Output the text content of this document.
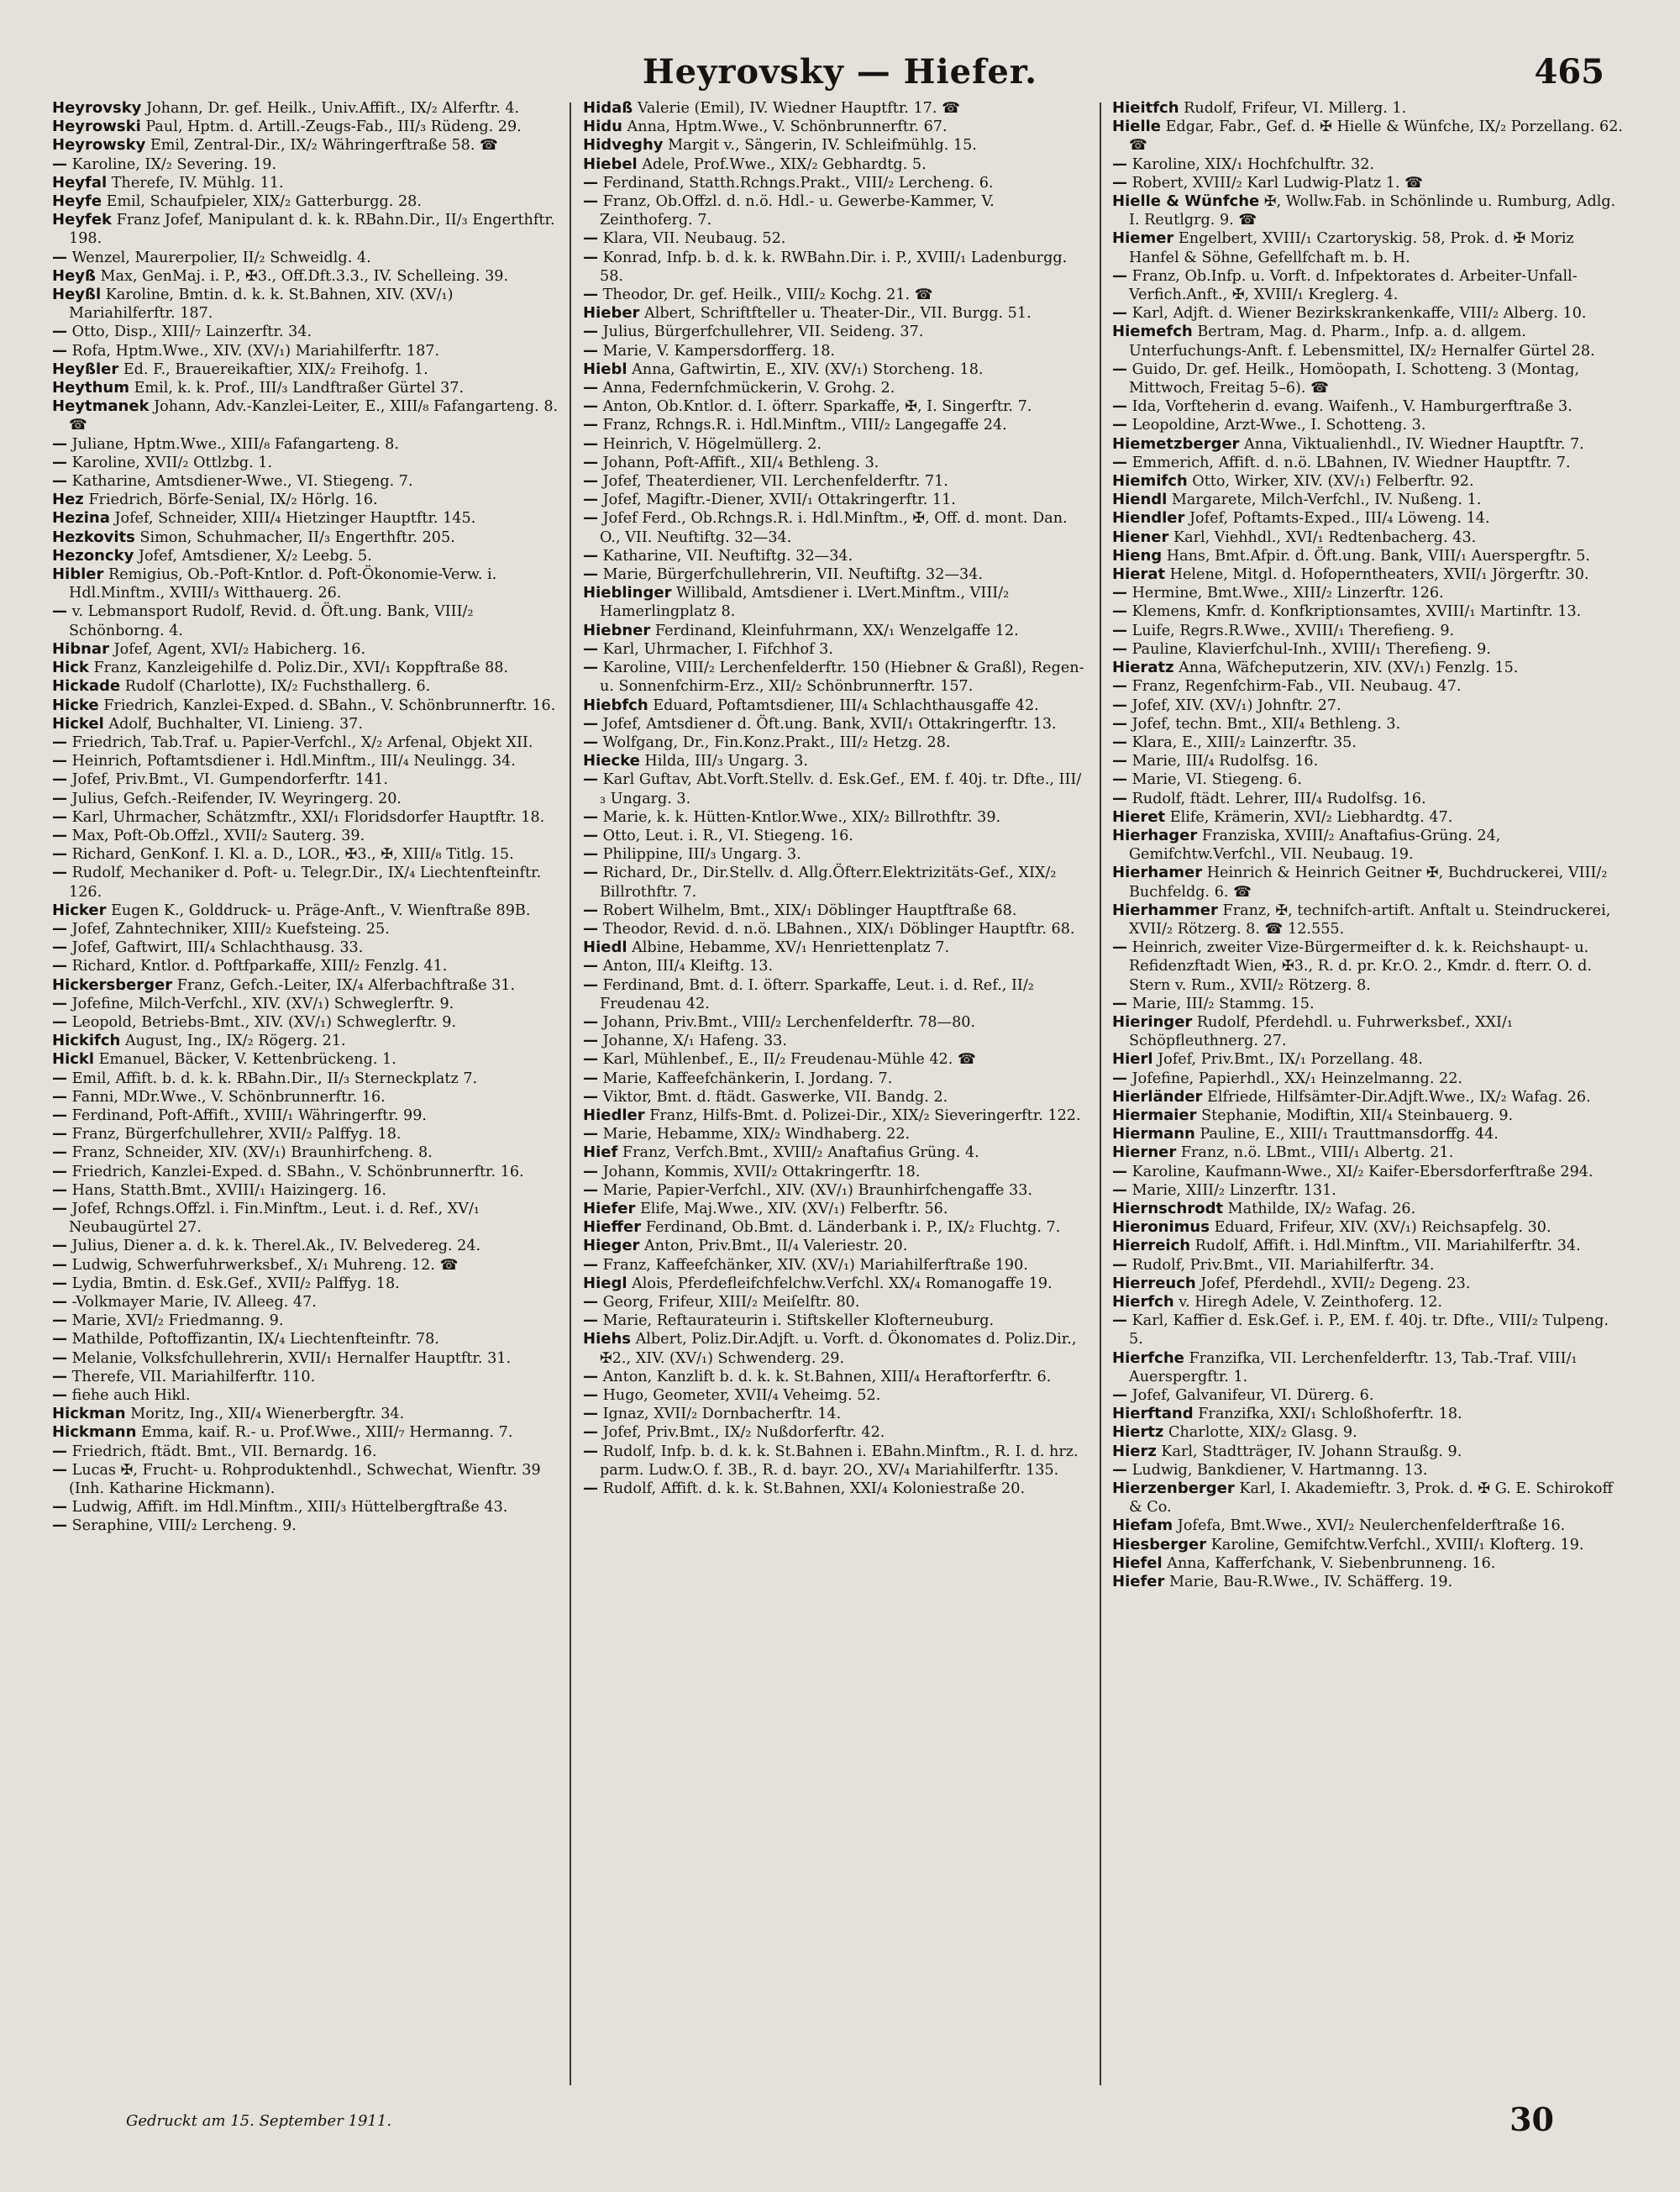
Heyrovsky — Hiefer.	465

Heyrovsky Johann, Dr. gef. Heilk., Univ.Affift., IX/₂ Alferftr. 4.

Heyrowski Paul, Hptm. d. Artill.-Zeugs-Fab., III/₃ Rüdeng. 29.

Heyrowsky Emil, Zentral-Dir., IX/₂ Währingerftraße 58. ☎

— Karoline, IX/₂ Severing. 19.

Heyfal Therefe, IV. Mühlg. 11.

Heyfe Emil, Schaufpieler, XIX/₂ Gatterburgg. 28.

Heyfek Franz Jofef, Manipulant d. k. k. RBahn.Dir., II/₃ Engerthftr. 198.

— Wenzel, Maurerpolier, II/₂ Schweidlg. 4.

Heyß Max, GenMaj. i. P., ✠3., Off.Dft.3.3., IV. Schelleing. 39.

Heyßl Karoline, Bmtin. d. k. k. St.Bahnen, XIV. (XV/₁) Mariahilferftr. 187.

— Otto, Disp., XIII/₇ Lainzerftr. 34.

— Rofa, Hptm.Wwe., XIV. (XV/₁) Mariahilferftr. 187.

Heyßler Ed. F., Brauereikaftier, XIX/₂ Freihofg. 1.

Heythum Emil, k. k. Prof., III/₃ Landftraßer Gürtel 37.

Heytmanek Johann, Adv.-Kanzlei-Leiter, E., XIII/₈ Fafangarteng. 8. ☎

— Juliane, Hptm.Wwe., XIII/₈ Fafangarteng. 8.

— Karoline, XVII/₂ Ottlzbg. 1.

— Katharine, Amtsdiener-Wwe., VI. Stiegeng. 7.

Hez Friedrich, Börfe-Senial, IX/₂ Hörlg. 16.

Hezina Jofef, Schneider, XIII/₄ Hietzinger Hauptftr. 145.

Hezkovits Simon, Schuhmacher, II/₃ Engerthftr. 205.

Hezoncky Jofef, Amtsdiener, X/₂ Leebg. 5.

Hibler Remigius, Ob.-Poft-Kntlor. d. Poft-Ökonomie-Verw. i. Hdl.Minftm., XVIII/₃ Witthauerg. 26.

— v. Lebmansport Rudolf, Revid. d. Öft.ung. Bank, VIII/₂ Schönborng. 4.

Hibnar Jofef, Agent, XVI/₂ Habicherg. 16.

Hick Franz, Kanzleigehilfe d. Poliz.Dir., XVI/₁ Koppftraße 88.

Hickade Rudolf (Charlotte), IX/₂ Fuchsthallerg. 6.

Hicke Friedrich, Kanzlei-Exped. d. SBahn., V. Schönbrunnerftr. 16.

Hickel Adolf, Buchhalter, VI. Linieng. 37.

— Friedrich, Tab.Traf. u. Papier-Verfchl., X/₂ Arfenal, Objekt XII.

— Heinrich, Poftamtsdiener i. Hdl.Minftm., III/₄ Neulingg. 34.

— Jofef, Priv.Bmt., VI. Gumpendorferftr. 141.

— Julius, Gefch.-Reifender, IV. Weyringerg. 20.

— Karl, Uhrmacher, Schätzmftr., XXI/₁ Floridsdorfer Hauptftr. 18.

— Max, Poft-Ob.Offzl., XVII/₂ Sauterg. 39.

— Richard, GenKonf. I. Kl. a. D., LOR., ✠3., ✠, XIII/₈ Titlg. 15.

— Rudolf, Mechaniker d. Poft- u. Telegr.Dir., IX/₄ Liechtenfteinftr. 126.

Hicker Eugen K., Golddruck- u. Präge-Anft., V. Wienftraße 89B.

— Jofef, Zahntechniker, XIII/₂ Kuefsteing. 25.

— Jofef, Gaftwirt, III/₄ Schlachthausg. 33.

— Richard, Kntlor. d. Poftfparkaffe, XIII/₂ Fenzlg. 41.

Hickersberger Franz, Gefch.-Leiter, IX/₄ Alferbachftraße 31.

— Jofefine, Milch-Verfchl., XIV. (XV/₁) Schweglerftr. 9.

— Leopold, Betriebs-Bmt., XIV. (XV/₁) Schweglerftr. 9.

Hickifch August, Ing., IX/₂ Rögerg. 21.

Hickl Emanuel, Bäcker, V. Kettenbrückeng. 1.

— Emil, Affift. b. d. k. k. RBahn.Dir., II/₃ Sterneckplatz 7.

— Fanni, MDr.Wwe., V. Schönbrunnerftr. 16.

— Ferdinand, Poft-Affift., XVIII/₁ Währingerftr. 99.

— Franz, Bürgerfchullehrer, XVII/₂ Palffyg. 18.

— Franz, Schneider, XIV. (XV/₁) Braunhirfcheng. 8.

— Friedrich, Kanzlei-Exped. d. SBahn., V. Schönbrunnerftr. 16.

— Hans, Statth.Bmt., XVIII/₁ Haizingerg. 16.

— Jofef, Rchngs.Offzl. i. Fin.Minftm., Leut. i. d. Ref., XV/₁ Neubaugürtel 27.

— Julius, Diener a. d. k. k. Therel.Ak., IV. Belvedereg. 24.

— Ludwig, Schwerfuhrwerksbef., X/₁ Muhreng. 12. ☎

— Lydia, Bmtin. d. Esk.Gef., XVII/₂ Palffyg. 18.

— -Volkmayer Marie, IV. Alleeg. 47.

— Marie, XVI/₂ Friedmanng. 9.

— Mathilde, Poftoffizantin, IX/₄ Liechtenfteinftr. 78.

— Melanie, Volksfchullehrerin, XVII/₁ Hernalfer Hauptftr. 31.

— Therefe, VII. Mariahilferftr. 110.

— fiehe auch Hikl.

Hickman Moritz, Ing., XII/₄ Wienerbergftr. 34.

Hickmann Emma, kaif. R.- u. Prof.Wwe., XIII/₇ Hermanng. 7.

— Friedrich, ftädt. Bmt., VII. Bernardg. 16.

— Lucas ✠, Frucht- u. Rohproduktenhdl., Schwechat, Wienftr. 39 (Inh. Katharine Hickmann).

— Ludwig, Affift. im Hdl.Minftm., XIII/₃ Hüttelbergftraße 43.

— Seraphine, VIII/₂ Lercheng. 9.

Hidaß Valerie (Emil), IV. Wiedner Hauptftr. 17. ☎

Hidu Anna, Hptm.Wwe., V. Schönbrunnerftr. 67.

Hidveghy Margit v., Sängerin, IV. Schleifmühlg. 15.

Hiebel Adele, Prof.Wwe., XIX/₂ Gebhardtg. 5.

— Ferdinand, Statth.Rchngs.Prakt., VIII/₂ Lercheng. 6.

— Franz, Ob.Offzl. d. n.ö. Hdl.- u. Gewerbe-Kammer, V. Zeinthoferg. 7.

— Klara, VII. Neubaug. 52.

— Konrad, Infp. b. d. k. k. RWBahn.Dir. i. P., XVIII/₁ Ladenburgg. 58.

— Theodor, Dr. gef. Heilk., VIII/₂ Kochg. 21. ☎

Hieber Albert, Schriftfteller u. Theater-Dir., VII. Burgg. 51.

— Julius, Bürgerfchullehrer, VII. Seideng. 37.

— Marie, V. Kampersdorfferg. 18.

Hiebl Anna, Gaftwirtin, E., XIV. (XV/₁) Storcheng. 18.

— Anna, Federnfchmückerin, V. Grohg. 2.

— Anton, Ob.Kntlor. d. I. öfterr. Sparkaffe, ✠, I. Singerftr. 7.

— Franz, Rchngs.R. i. Hdl.Minftm., VIII/₂ Langegaffe 24.

— Heinrich, V. Högelmüllerg. 2.

— Johann, Poft-Affift., XII/₄ Bethleng. 3.

— Jofef, Theaterdiener, VII. Lerchenfelderftr. 71.

— Jofef, Magiftr.-Diener, XVII/₁ Ottakringerftr. 11.

— Jofef Ferd., Ob.Rchngs.R. i. Hdl.Minftm., ✠, Off. d. mont. Dan. O., VII. Neuftiftg. 32—34.

— Katharine, VII. Neuftiftg. 32—34.

— Marie, Bürgerfchullehrerin, VII. Neuftiftg. 32—34.

Hieblinger Willibald, Amtsdiener i. LVert.Minftm., VIII/₂ Hamerlingplatz 8.

Hiebner Ferdinand, Kleinfuhrmann, XX/₁ Wenzelgaffe 12.

— Karl, Uhrmacher, I. Fifchhof 3.

— Karoline, VIII/₂ Lerchenfelderftr. 150 (Hiebner & Graßl), Regen- u. Sonnenfchirm-Erz., XII/₂ Schönbrunnerftr. 157.

Hiebfch Eduard, Poftamtsdiener, III/₄ Schlachthausgaffe 42.

— Jofef, Amtsdiener d. Öft.ung. Bank, XVII/₁ Ottakringerftr. 13.

— Wolfgang, Dr., Fin.Konz.Prakt., III/₂ Hetzg. 28.

Hiecke Hilda, III/₃ Ungarg. 3.

— Karl Guftav, Abt.Vorft.Stellv. d. Esk.Gef., EM. f. 40j. tr. Dfte., III/₃ Ungarg. 3.

— Marie, k. k. Hütten-Kntlor.Wwe., XIX/₂ Billrothftr. 39.

— Otto, Leut. i. R., VI. Stiegeng. 16.

— Philippine, III/₃ Ungarg. 3.

— Richard, Dr., Dir.Stellv. d. Allg.Öfterr.Elektrizitäts-Gef., XIX/₂ Billrothftr. 7.

— Robert Wilhelm, Bmt., XIX/₁ Döblinger Hauptftraße 68.

— Theodor, Revid. d. n.ö. LBahnen., XIX/₁ Döblinger Hauptftr. 68.

Hiedl Albine, Hebamme, XV/₁ Henriettenplatz 7.

— Anton, III/₄ Kleiftg. 13.

— Ferdinand, Bmt. d. I. öfterr. Sparkaffe, Leut. i. d. Ref., II/₂ Freudenau 42.

— Johann, Priv.Bmt., VIII/₂ Lerchenfelderftr. 78—80.

— Johanne, X/₁ Hafeng. 33.

— Karl, Mühlenbef., E., II/₂ Freudenau-Mühle 42. ☎

— Marie, Kaffeefchänkerin, I. Jordang. 7.

— Viktor, Bmt. d. ftädt. Gaswerke, VII. Bandg. 2.

Hiedler Franz, Hilfs-Bmt. d. Polizei-Dir., XIX/₂ Sieveringerftr. 122.

— Marie, Hebamme, XIX/₂ Windhaberg. 22.

Hief Franz, Verfch.Bmt., XVIII/₂ Anaftafius Grüng. 4.

— Johann, Kommis, XVII/₂ Ottakringerftr. 18.

— Marie, Papier-Verfchl., XIV. (XV/₁) Braunhirfchengaffe 33.

Hiefer Elife, Maj.Wwe., XIV. (XV/₁) Felberftr. 56.

Hieffer Ferdinand, Ob.Bmt. d. Länderbank i. P., IX/₂ Fluchtg. 7.

Hieger Anton, Priv.Bmt., II/₄ Valeriestr. 20.

— Franz, Kaffeefchänker, XIV. (XV/₁) Mariahilferftraße 190.

Hiegl Alois, Pferdefleifchfelchw.Verfchl. XX/₄ Romanogaffe 19.

— Georg, Frifeur, XIII/₂ Meiſelftr. 80.

— Marie, Reftaurateurin i. Stiftskeller Klofterneuburg.

Hiehs Albert, Poliz.Dir.Adjft. u. Vorft. d. Ökonomates d. Poliz.Dir., ✠2., XIV. (XV/₁) Schwenderg. 29.

— Anton, Kanzlift b. d. k. k. St.Bahnen, XIII/₄ Heraftorferftr. 6.

— Hugo, Geometer, XVII/₄ Veheimg. 52.

— Ignaz, XVII/₂ Dornbacherftr. 14.

— Jofef, Priv.Bmt., IX/₂ Nußdorferftr. 42.

— Rudolf, Infp. b. d. k. k. St.Bahnen i. EBahn.Minftm., R. I. d. hrz. parm. Ludw.O. f. 3B., R. d. bayr. 2O., XV/₄ Mariahilferftr. 135.

— Rudolf, Affift. d. k. k. St.Bahnen, XXI/₄ Koloniestraße 20.

Hieitfch Rudolf, Frifeur, VI. Millerg. 1.

Hielle Edgar, Fabr., Gef. d. ✠ Hielle & Wünfche, IX/₂ Porzellang. 62. ☎

— Karoline, XIX/₁ Hochfchulftr. 32.

— Robert, XVIII/₂ Karl Ludwig-Platz 1. ☎

Hielle & Wünfche ✠, Wollw.Fab. in Schönlinde u. Rumburg, Adlg. I. Reutlgrg. 9. ☎

Hiemer Engelbert, XVIII/₁ Czartoryskig. 58, Prok. d. ✠ Moriz Hanfel & Söhne, Gefellfchaft m. b. H.

— Franz, Ob.Infp. u. Vorft. d. Infpektorates d. Arbeiter-Unfall-Verfich.Anft., ✠, XVIII/₁ Kreglerg. 4.

— Karl, Adjft. d. Wiener Bezirkskrankenkaffe, VIII/₂ Alberg. 10.

Hiemefch Bertram, Mag. d. Pharm., Infp. a. d. allgem. Unterfuchungs-Anft. f. Lebensmittel, IX/₂ Hernalfer Gürtel 28.

— Guido, Dr. gef. Heilk., Homöopath, I. Schotteng. 3 (Montag, Mittwoch, Freitag 5–6). ☎

— Ida, Vorfteherin d. evang. Waifenh., V. Hamburgerftraße 3.

— Leopoldine, Arzt-Wwe., I. Schotteng. 3.

Hiemetzberger Anna, Viktualienhdl., IV. Wiedner Hauptftr. 7.

— Emmerich, Affift. d. n.ö. LBahnen, IV. Wiedner Hauptftr. 7.

Hiemifch Otto, Wirker, XIV. (XV/₁) Felberftr. 92.

Hiendl Margarete, Milch-Verfchl., IV. Nußeng. 1.

Hiendler Jofef, Poftamts-Exped., III/₄ Löweng. 14.

Hiener Karl, Viehhdl., XVI/₁ Redtenbacherg. 43.

Hieng Hans, Bmt.Afpir. d. Öft.ung. Bank, VIII/₁ Auerspergftr. 5.

Hierat Helene, Mitgl. d. Hofoperntheaters, XVII/₁ Jörgerftr. 30.

— Hermine, Bmt.Wwe., XIII/₂ Linzerftr. 126.

— Klemens, Kmfr. d. Konfkriptionsamtes, XVIII/₁ Martinftr. 13.

— Luife, Regrs.R.Wwe., XVIII/₁ Therefieng. 9.

— Pauline, Klavierfchul-Inh., XVIII/₁ Therefieng. 9.

Hieratz Anna, Wäfcheputzerin, XIV. (XV/₁) Fenzlg. 15.

— Franz, Regenfchirm-Fab., VII. Neubaug. 47.

— Jofef, XIV. (XV/₁) Johnftr. 27.

— Jofef, techn. Bmt., XII/₄ Bethleng. 3.

— Klara, E., XIII/₂ Lainzerftr. 35.

— Marie, III/₄ Rudolfsg. 16.

— Marie, VI. Stiegeng. 6.

— Rudolf, ftädt. Lehrer, III/₄ Rudolfsg. 16.

Hieret Elife, Krämerin, XVI/₂ Liebhardtg. 47.

Hierhager Franziska, XVIII/₂ Anaftafius-Grüng. 24, Gemifchtw.Verfchl., VII. Neubaug. 19.

Hierhamer Heinrich & Heinrich Geitner ✠, Buchdruckerei, VIII/₂ Buchfeldg. 6. ☎

Hierhammer Franz, ✠, technifch-artift. Anftalt u. Steindruckerei, XVII/₂ Rötzerg. 8. ☎ 12.555.

— Heinrich, zweiter Vize-Bürgermeifter d. k. k. Reichshaupt- u. Refidenzftadt Wien, ✠3., R. d. pr. Kr.O. 2., Kmdr. d. fterr. O. d. Stern v. Rum., XVII/₂ Rötzerg. 8.

— Marie, III/₂ Stammg. 15.

Hieringer Rudolf, Pferdehdl. u. Fuhrwerksbef., XXI/₁ Schöpfleuthnerg. 27.

Hierl Jofef, Priv.Bmt., IX/₁ Porzellang. 48.

— Jofefine, Papierhdl., XX/₁ Heinzelmanng. 22.

Hierländer Elfriede, Hilfsämter-Dir.Adjft.Wwe., IX/₂ Wafag. 26.

Hiermaier Stephanie, Modiftin, XII/₄ Steinbauerg. 9.

Hiermann Pauline, E., XIII/₁ Trauttmansdorffg. 44.

Hierner Franz, n.ö. LBmt., VIII/₁ Albertg. 21.

— Karoline, Kaufmann-Wwe., XI/₂ Kaifer-Ebersdorferftraße 294.

— Marie, XIII/₂ Linzerftr. 131.

Hiernschrodt Mathilde, IX/₂ Wafag. 26.

Hieronimus Eduard, Frifeur, XIV. (XV/₁) Reichsapfelg. 30.

Hierreich Rudolf, Affift. i. Hdl.Minftm., VII. Mariahilferftr. 34.

— Rudolf, Priv.Bmt., VII. Mariahilferftr. 34.

Hierreuch Jofef, Pferdehdl., XVII/₂ Degeng. 23.

Hierfch v. Hiregh Adele, V. Zeinthoferg. 12.

— Karl, Kaffier d. Esk.Gef. i. P., EM. f. 40j. tr. Dfte., VIII/₂ Tulpeng. 5.

Hierfche Franzifka, VII. Lerchenfelderftr. 13, Tab.-Traf. VIII/₁ Auerspergftr. 1.

— Jofef, Galvanifeur, VI. Dürerg. 6.

Hierftand Franzifka, XXI/₁ Schloßhoferftr. 18.

Hiertz Charlotte, XIX/₂ Glasg. 9.

Hierz Karl, Stadtträger, IV. Johann Straußg. 9.

— Ludwig, Bankdiener, V. Hartmanng. 13.

Hierzenberger Karl, I. Akademieftr. 3, Prok. d. ✠ G. E. Schirokoff & Co.

Hiefam Jofefa, Bmt.Wwe., XVI/₂ Neulerchenfelderftraße 16.

Hiesberger Karoline, Gemifchtw.Verfchl., XVIII/₁ Klofterg. 19.

Hiefel Anna, Kafferfchank, V. Siebenbrunneng. 16.

Hiefer Marie, Bau-R.Wwe., IV. Schäfferg. 19.

Gedruckt am 15. September 1911.	30
